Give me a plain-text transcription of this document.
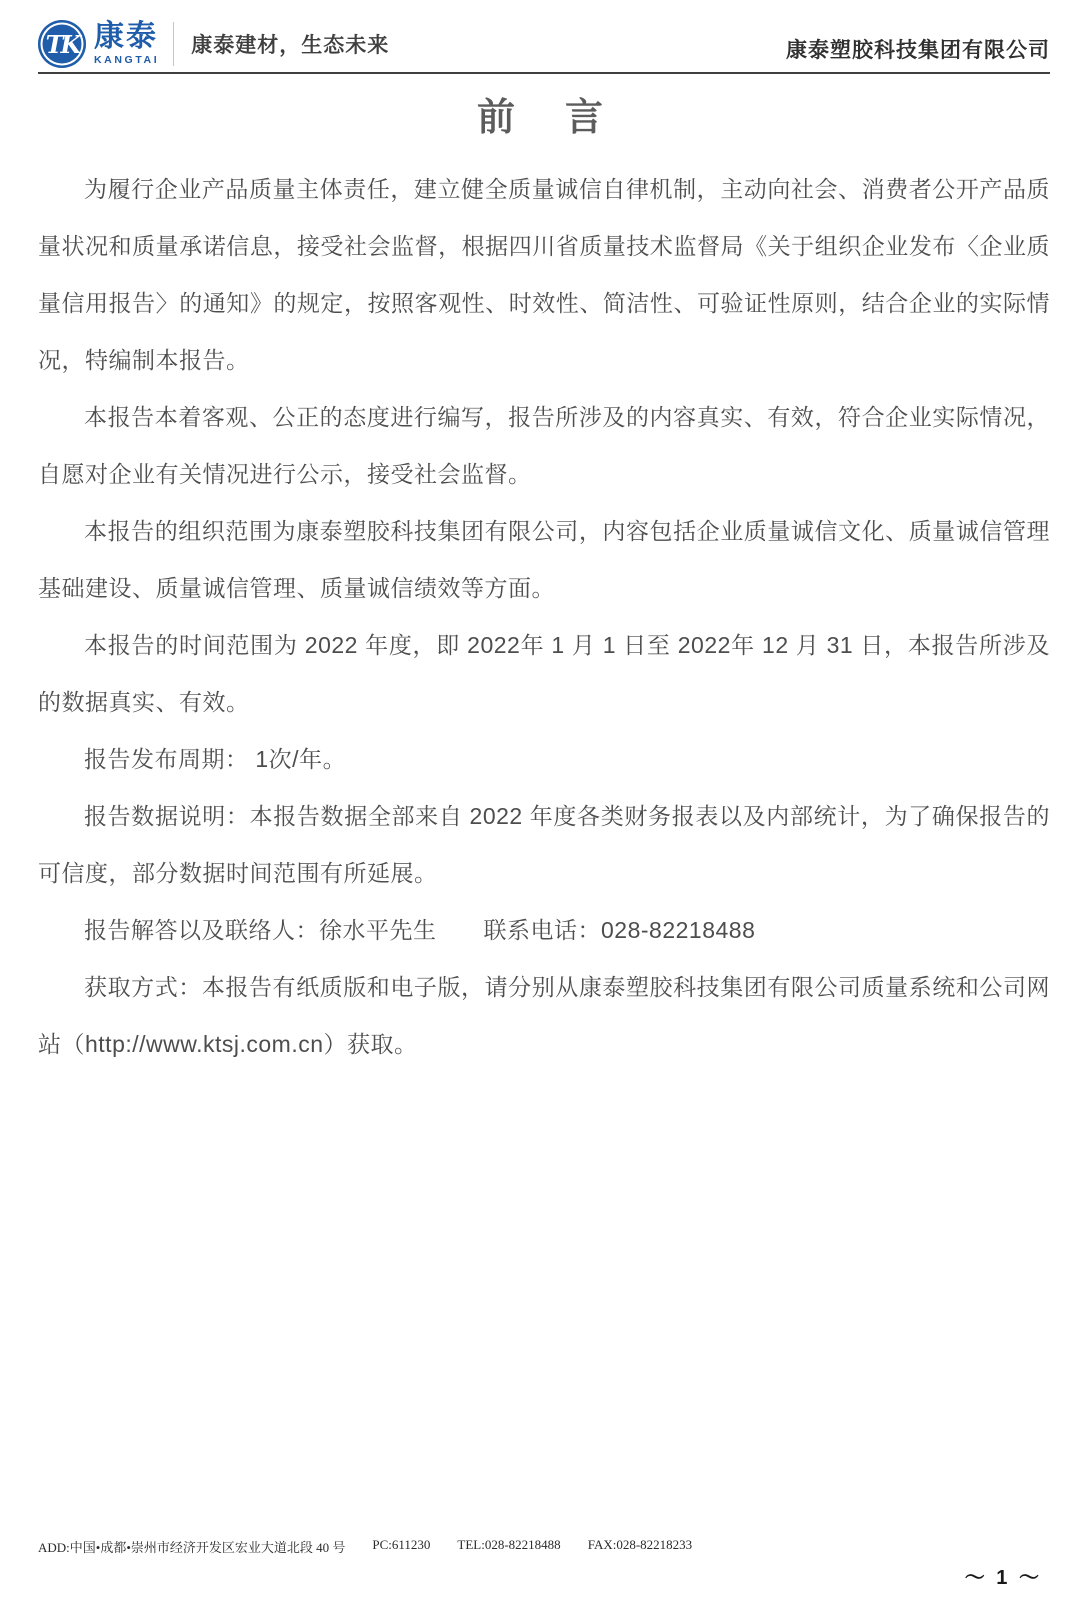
TK 康泰
KANGTAI
康泰建材，生态未来	康泰塑胶科技集团有限公司
前　言

为履行企业产品质量主体责任，建立健全质量诚信自律机制，主动向社会、消费者公开产品质量状况和质量承诺信息，接受社会监督，根据四川省质量技术监督局《关于组织企业发布〈企业质量信用报告〉的通知》的规定，按照客观性、时效性、简洁性、可验证性原则，结合企业的实际情况，特编制本报告。

本报告本着客观、公正的态度进行编写，报告所涉及的内容真实、有效，符合企业实际情况，自愿对企业有关情况进行公示，接受社会监督。

本报告的组织范围为康泰塑胶科技集团有限公司，内容包括企业质量诚信文化、质量诚信管理基础建设、质量诚信管理、质量诚信绩效等方面。

本报告的时间范围为 2022 年度，即 2022年 1 月 1 日至 2022年 12 月 31 日，本报告所涉及的数据真实、有效。

报告发布周期： 1次/年。

报告数据说明：本报告数据全部来自 2022 年度各类财务报表以及内部统计，为了确保报告的可信度，部分数据时间范围有所延展。

报告解答以及联络人：徐水平先生　　联系电话：028-82218488

获取方式：本报告有纸质版和电子版，请分别从康泰塑胶科技集团有限公司质量系统和公司网站（http://www.ktsj.com.cn）获取。

ADD:中国•成都•崇州市经济开发区宏业大道北段 40 号 PC:611230 TEL:028-82218488 FAX:028-82218233
～ 1 ～
